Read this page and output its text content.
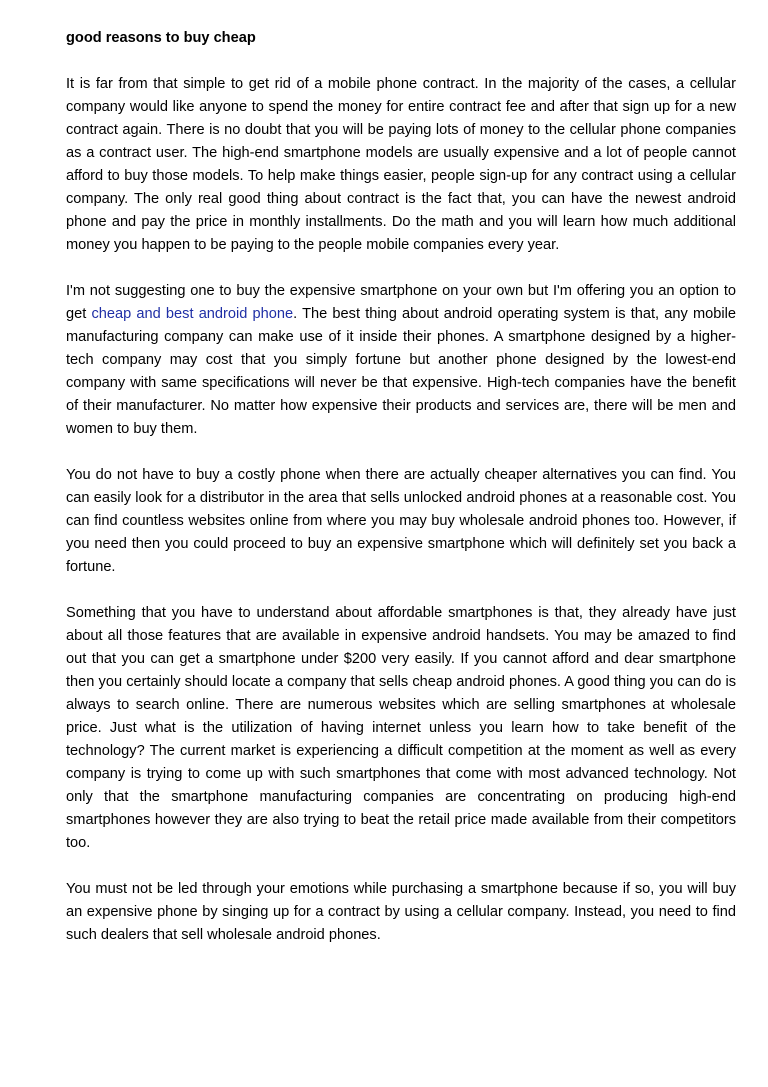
good reasons to buy cheap

It is far from that simple to get rid of a mobile phone contract. In the majority of the cases, a cellular company would like anyone to spend the money for entire contract fee and after that sign up for a new contract again. There is no doubt that you will be paying lots of money to the cellular phone companies as a contract user. The high-end smartphone models are usually expensive and a lot of people cannot afford to buy those models. To help make things easier, people sign-up for any contract using a cellular company. The only real good thing about contract is the fact that, you can have the newest android phone and pay the price in monthly installments. Do the math and you will learn how much additional money you happen to be paying to the people mobile companies every year.

I'm not suggesting one to buy the expensive smartphone on your own but I'm offering you an option to get cheap and best android phone. The best thing about android operating system is that, any mobile manufacturing company can make use of it inside their phones. A smartphone designed by a higher-tech company may cost that you simply fortune but another phone designed by the lowest-end company with same specifications will never be that expensive. High-tech companies have the benefit of their manufacturer. No matter how expensive their products and services are, there will be men and women to buy them.

You do not have to buy a costly phone when there are actually cheaper alternatives you can find. You can easily look for a distributor in the area that sells unlocked android phones at a reasonable cost. You can find countless websites online from where you may buy wholesale android phones too. However, if you need then you could proceed to buy an expensive smartphone which will definitely set you back a fortune.

Something that you have to understand about affordable smartphones is that, they already have just about all those features that are available in expensive android handsets. You may be amazed to find out that you can get a smartphone under $200 very easily. If you cannot afford and dear smartphone then you certainly should locate a company that sells cheap android phones. A good thing you can do is always to search online. There are numerous websites which are selling smartphones at wholesale price. Just what is the utilization of having internet unless you learn how to take benefit of the technology? The current market is experiencing a difficult competition at the moment as well as every company is trying to come up with such smartphones that come with most advanced technology. Not only that the smartphone manufacturing companies are concentrating on producing high-end smartphones however they are also trying to beat the retail price made available from their competitors too.

You must not be led through your emotions while purchasing a smartphone because if so, you will buy an expensive phone by singing up for a contract by using a cellular company. Instead, you need to find such dealers that sell wholesale android phones.
